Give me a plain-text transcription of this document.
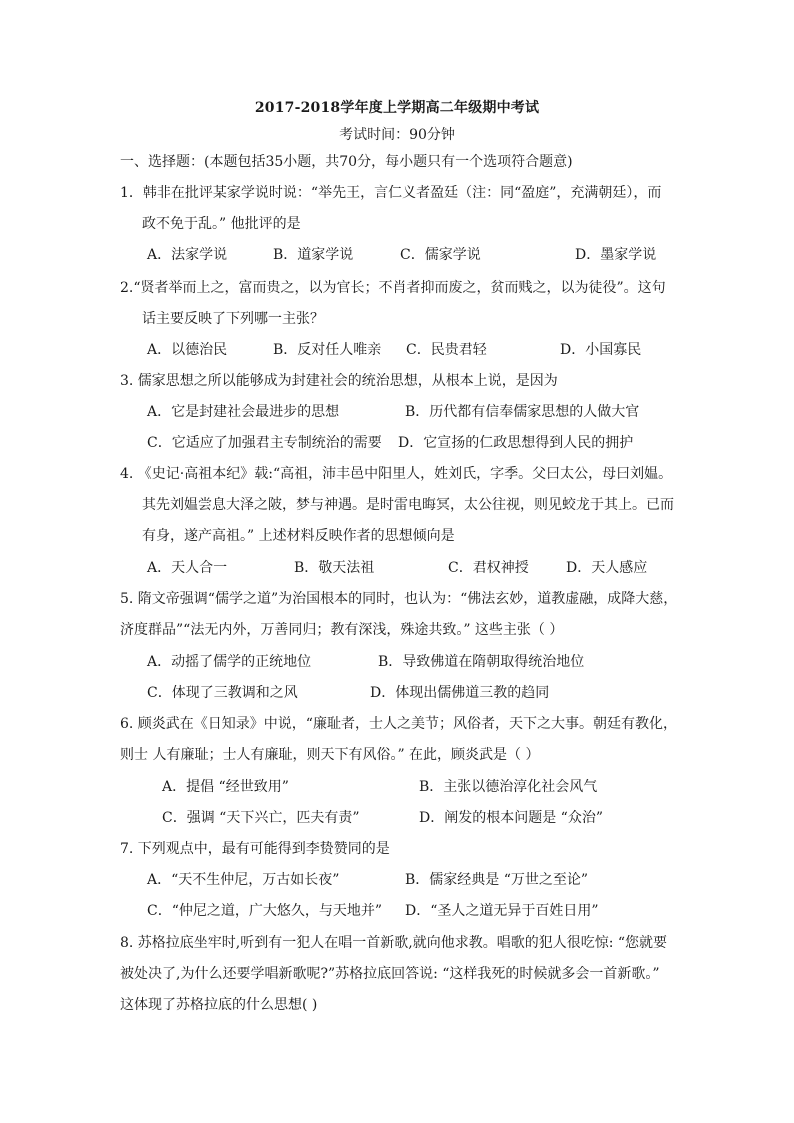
2017-2018学年度上学期高二年级期中考试
考试时间：90分钟
一、选择题：(本题包括35小题，共70分，每小题只有一个选项符合题意)
1．韩非在批评某家学说时说：“举先王，言仁义者盈廷（注：同“盈庭”，充满朝廷），而
政不免于乱。” 他批评的是
A．法家学说	B．道家学说	C．儒家学说	D．墨家学说
2.“贤者举而上之，富而贵之，以为官长；不肖者抑而废之，贫而贱之，以为徒役”。这句
话主要反映了下列哪一主张？
A．以德治民	B．反对任人唯亲 C．民贵君轻	D．小国寡民
3. 儒家思想之所以能够成为封建社会的统治思想，从根本上说，是因为
A．它是封建社会最进步的思想	B．历代都有信奉儒家思想的人做大官
C．它适应了加强君主专制统治的需要 D．它宣扬的仁政思想得到人民的拥护
4. 《史记·高祖本纪》载:“高祖，沛丰邑中阳里人，姓刘氏，字季。父曰太公，母曰刘媪。
其先刘媪尝息大泽之陂，梦与神遇。是时雷电晦冥，太公往视，则见蛟龙于其上。已而
有身，遂产高祖。” 上述材料反映作者的思想倾向是
A．天人合一	B．敬天法祖	C．君权神授	D．天人感应
5. 隋文帝强调“儒学之道”为治国根本的同时，也认为：“佛法玄妙，道教虚融，成降大慈，
济度群品”“法无内外，万善同归；教有深浅，殊途共致。” 这些主张（ ）
A．动摇了儒学的正统地位	B．导致佛道在隋朝取得统治地位
C．体现了三教调和之风	D．体现出儒佛道三教的趋同
6. 顾炎武在《日知录》中说，“廉耻者，士人之美节；风俗者，天下之大事。朝廷有教化，
则士 人有廉耻；士人有廉耻，则天下有风俗。” 在此，顾炎武是（ ）
A．提倡 “经世致用”	B．主张以德治淳化社会风气
C．强调 “天下兴亡，匹夫有责”	D．阐发的根本问题是 “众治”
7. 下列观点中，最有可能得到李贽赞同的是
A．“天不生仲尼，万古如长夜”	B．儒家经典是 “万世之至论”
C．“仲尼之道，广大悠久，与天地并” D．“圣人之道无异于百姓日用”
8. 苏格拉底坐牢时,听到有一犯人在唱一首新歌,就向他求教。唱歌的犯人很吃惊: “您就要
被处决了,为什么还要学唱新歌呢?”苏格拉底回答说: “这样我死的时候就多会一首新歌。”
这体现了苏格拉底的什么思想( )
